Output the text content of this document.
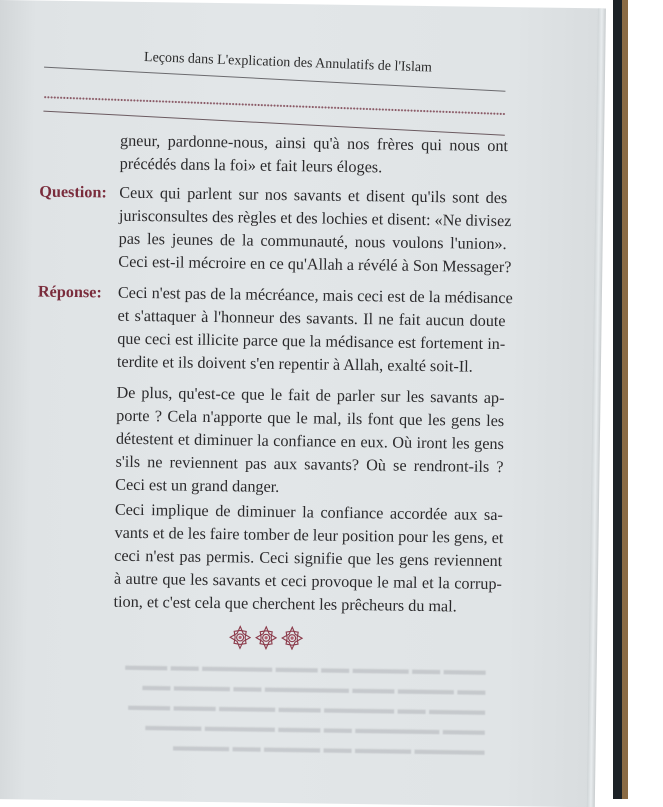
Leçons dans L'explication des Annulatifs de l'Islam
gneur, pardonne-nous, ainsi qu'à nos frères qui nous ont
précédés dans la foi» et fait leurs éloges.
Question: Ceux qui parlent sur nos savants et disent qu'ils sont des
jurisconsultes des règles et des lochies et disent: «Ne divisez
pas les jeunes de la communauté, nous voulons l'union».
Ceci est-il mécroire en ce qu'Allah a révélé à Son Messager?
Réponse: Ceci n'est pas de la mécréance, mais ceci est de la médisance
et s'attaquer à l'honneur des savants. Il ne fait aucun doute
que ceci est illicite parce que la médisance est fortement in-
terdite et ils doivent s'en repentir à Allah, exalté soit-Il.
De plus, qu'est-ce que le fait de parler sur les savants ap-
porte ? Cela n'apporte que le mal, ils font que les gens les
détestent et diminuer la confiance en eux. Où iront les gens
s'ils ne reviennent pas aux savants? Où se rendront-ils ?
Ceci est un grand danger.
Ceci implique de diminuer la confiance accordée aux sa-
vants et de les faire tomber de leur position pour les gens, et
ceci n'est pas permis. Ceci signifie que les gens reviennent
à autre que les savants et ceci provoque le mal et la corrup-
tion, et c'est cela que cherchent les prêcheurs du mal.
▬▬▬ ▬▬ ▬▬▬▬ ▬▬ ▬▬▬ ▬▬▬▬▬ ▬▬ ▬▬▬
▬▬ ▬▬▬▬ ▬▬▬ ▬▬▬▬▬▬ ▬▬ ▬▬▬▬ ▬▬
▬▬▬▬ ▬▬ ▬▬▬▬▬ ▬▬▬ ▬▬▬▬ ▬▬▬ ▬▬▬
▬▬▬ ▬▬▬▬▬▬ ▬▬ ▬▬▬ ▬▬▬▬▬ ▬▬▬▬
▬▬▬▬▬ ▬▬▬▬ ▬▬ ▬▬▬▬ ▬▬ ▬▬▬▬
